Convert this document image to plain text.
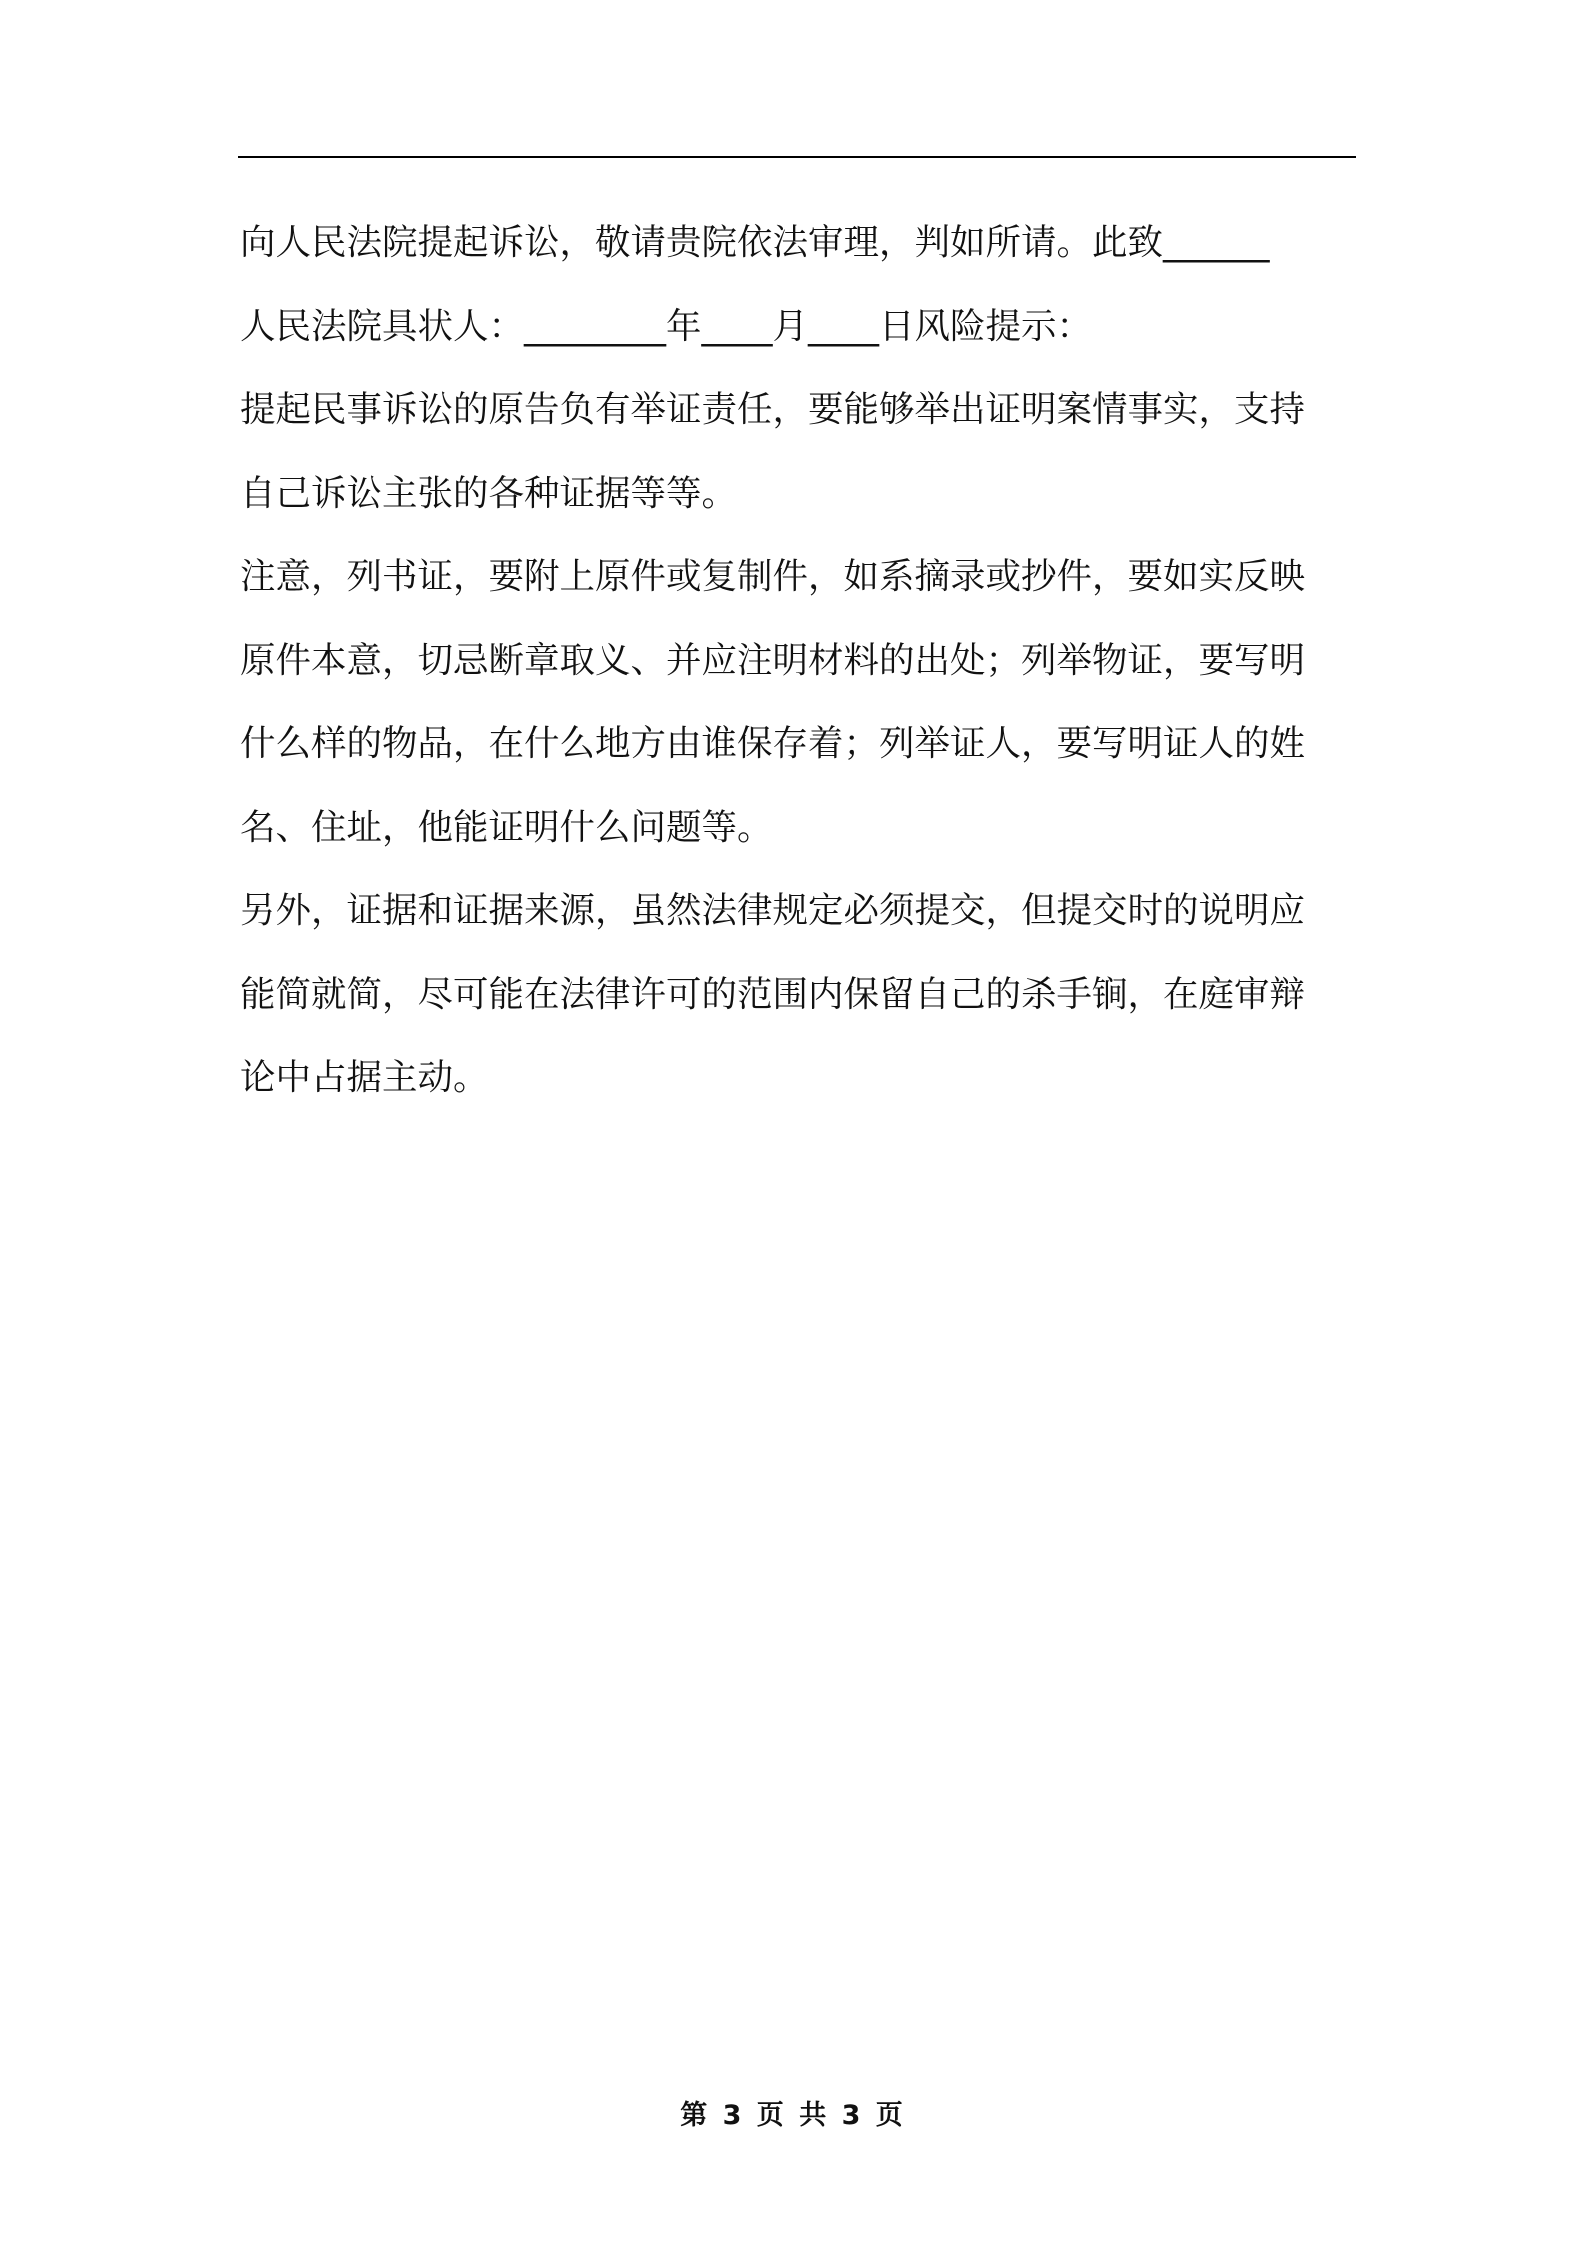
向人民法院提起诉讼，敬请贵院依法审理，判如所请。此致______

人民法院具状人：________年____月____日风险提示：

提起民事诉讼的原告负有举证责任，要能够举出证明案情事实，支持

自己诉讼主张的各种证据等等。

注意，列书证，要附上原件或复制件，如系摘录或抄件，要如实反映

原件本意，切忌断章取义、并应注明材料的出处；列举物证，要写明

什么样的物品，在什么地方由谁保存着；列举证人，要写明证人的姓

名、住址，他能证明什么问题等。

另外，证据和证据来源，虽然法律规定必须提交，但提交时的说明应

能简就简，尽可能在法律许可的范围内保留自己的杀手锏，在庭审辩

论中占据主动。

第 3 页 共 3 页
